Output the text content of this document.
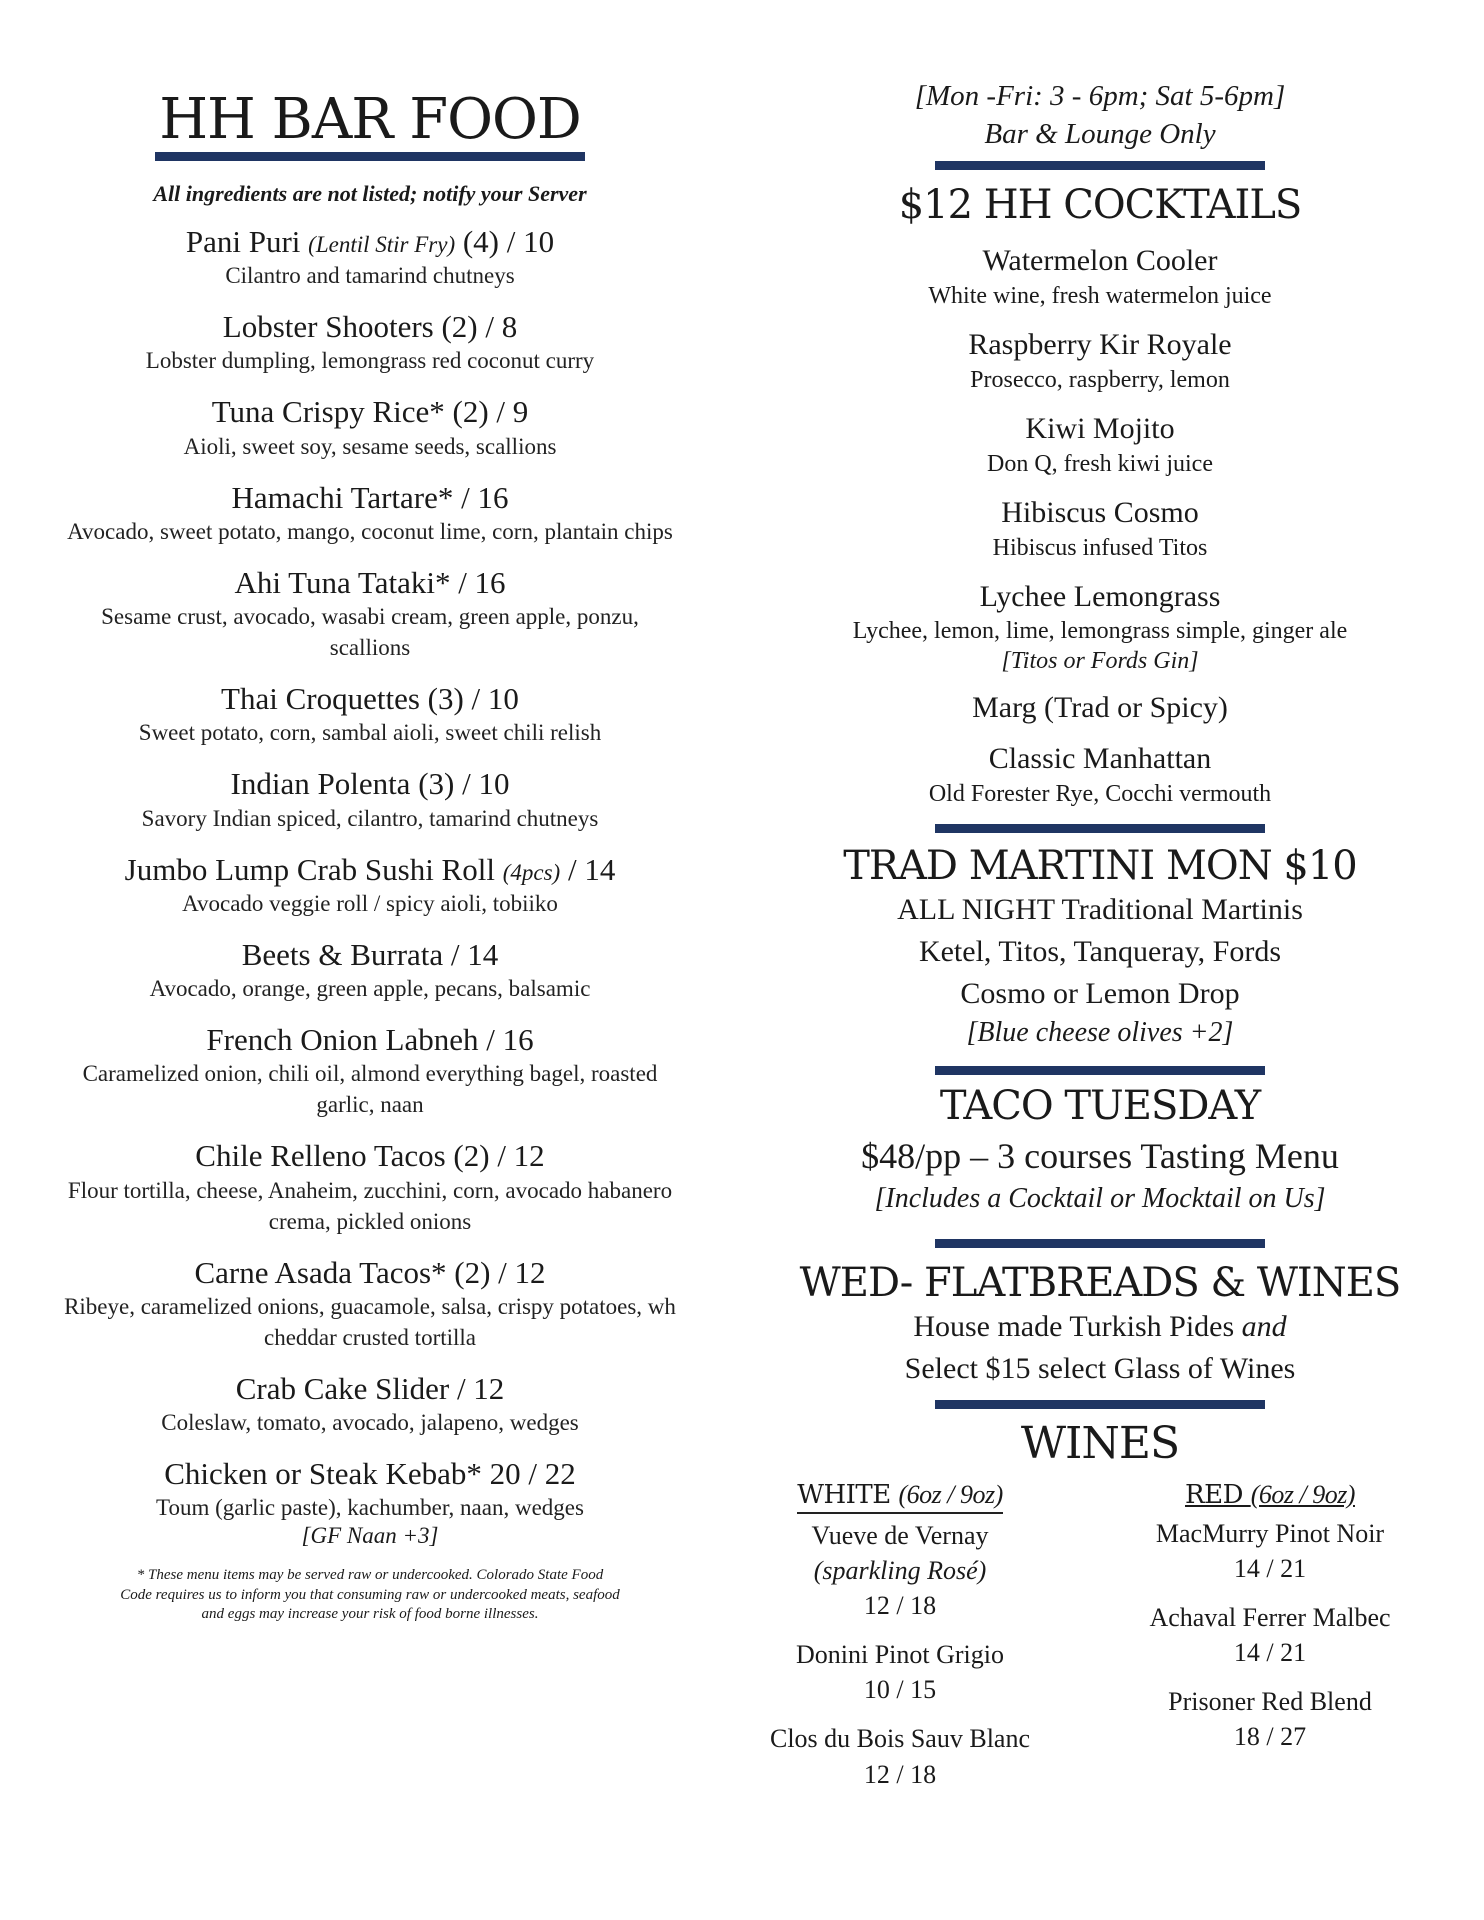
HH BAR FOOD
All ingredients are not listed; notify your Server
Pani Puri (Lentil Stir Fry) (4) / 10
Cilantro and tamarind chutneys
Lobster Shooters (2) / 8
Lobster dumpling, lemongrass red coconut curry
Tuna Crispy Rice* (2) / 9
Aioli, sweet soy, sesame seeds, scallions
Hamachi Tartare* / 16
Avocado, sweet potato, mango, coconut lime, corn, plantain chips
Ahi Tuna Tataki* / 16
Sesame crust, avocado, wasabi cream, green apple, ponzu, scallions
Thai Croquettes (3) / 10
Sweet potato, corn, sambal aioli, sweet chili relish
Indian Polenta (3) / 10
Savory Indian spiced, cilantro, tamarind chutneys
Jumbo Lump Crab Sushi Roll (4pcs) / 14
Avocado veggie roll / spicy aioli, tobiiko
Beets & Burrata / 14
Avocado, orange, green apple, pecans, balsamic
French Onion Labneh / 16
Caramelized onion, chili oil, almond everything bagel, roasted garlic, naan
Chile Relleno Tacos (2) / 12
Flour tortilla, cheese, Anaheim, zucchini, corn, avocado habanero crema, pickled onions
Carne Asada Tacos* (2) / 12
Ribeye, caramelized onions, guacamole, salsa, crispy potatoes, wh cheddar crusted tortilla
Crab Cake Slider / 12
Coleslaw, tomato, avocado, jalapeno, wedges
Chicken or Steak Kebab* 20 / 22
Toum (garlic paste), kachumber, naan, wedges
[GF Naan +3]
* These menu items may be served raw or undercooked. Colorado State Food Code requires us to inform you that consuming raw or undercooked meats, seafood and eggs may increase your risk of food borne illnesses.
[Mon -Fri: 3 - 6pm; Sat 5-6pm]
Bar & Lounge Only
$12 HH COCKTAILS
Watermelon Cooler
White wine, fresh watermelon juice
Raspberry Kir Royale
Prosecco, raspberry, lemon
Kiwi Mojito
Don Q, fresh kiwi juice
Hibiscus Cosmo
Hibiscus infused Titos
Lychee Lemongrass
Lychee, lemon, lime, lemongrass simple, ginger ale
[Titos or Fords Gin]
Marg (Trad or Spicy)
Classic Manhattan
Old Forester Rye, Cocchi vermouth
TRAD MARTINI MON $10
ALL NIGHT Traditional Martinis
Ketel, Titos, Tanqueray, Fords
Cosmo or Lemon Drop
[Blue cheese olives +2]
TACO TUESDAY
$48/pp – 3 courses Tasting Menu
[Includes a Cocktail or Mocktail on Us]
WED- FLATBREADS & WINES
House made Turkish Pides and
Select $15 select Glass of Wines
WINES
WHITE (6oz / 9oz)
Vueve de Vernay
(sparkling Rosé)
12 / 18
Donini Pinot Grigio
10 / 15
Clos du Bois Sauv Blanc
12 / 18
RED (6oz / 9oz)
MacMurry Pinot Noir
14 / 21
Achaval Ferrer Malbec
14 / 21
Prisoner Red Blend
18 / 27
